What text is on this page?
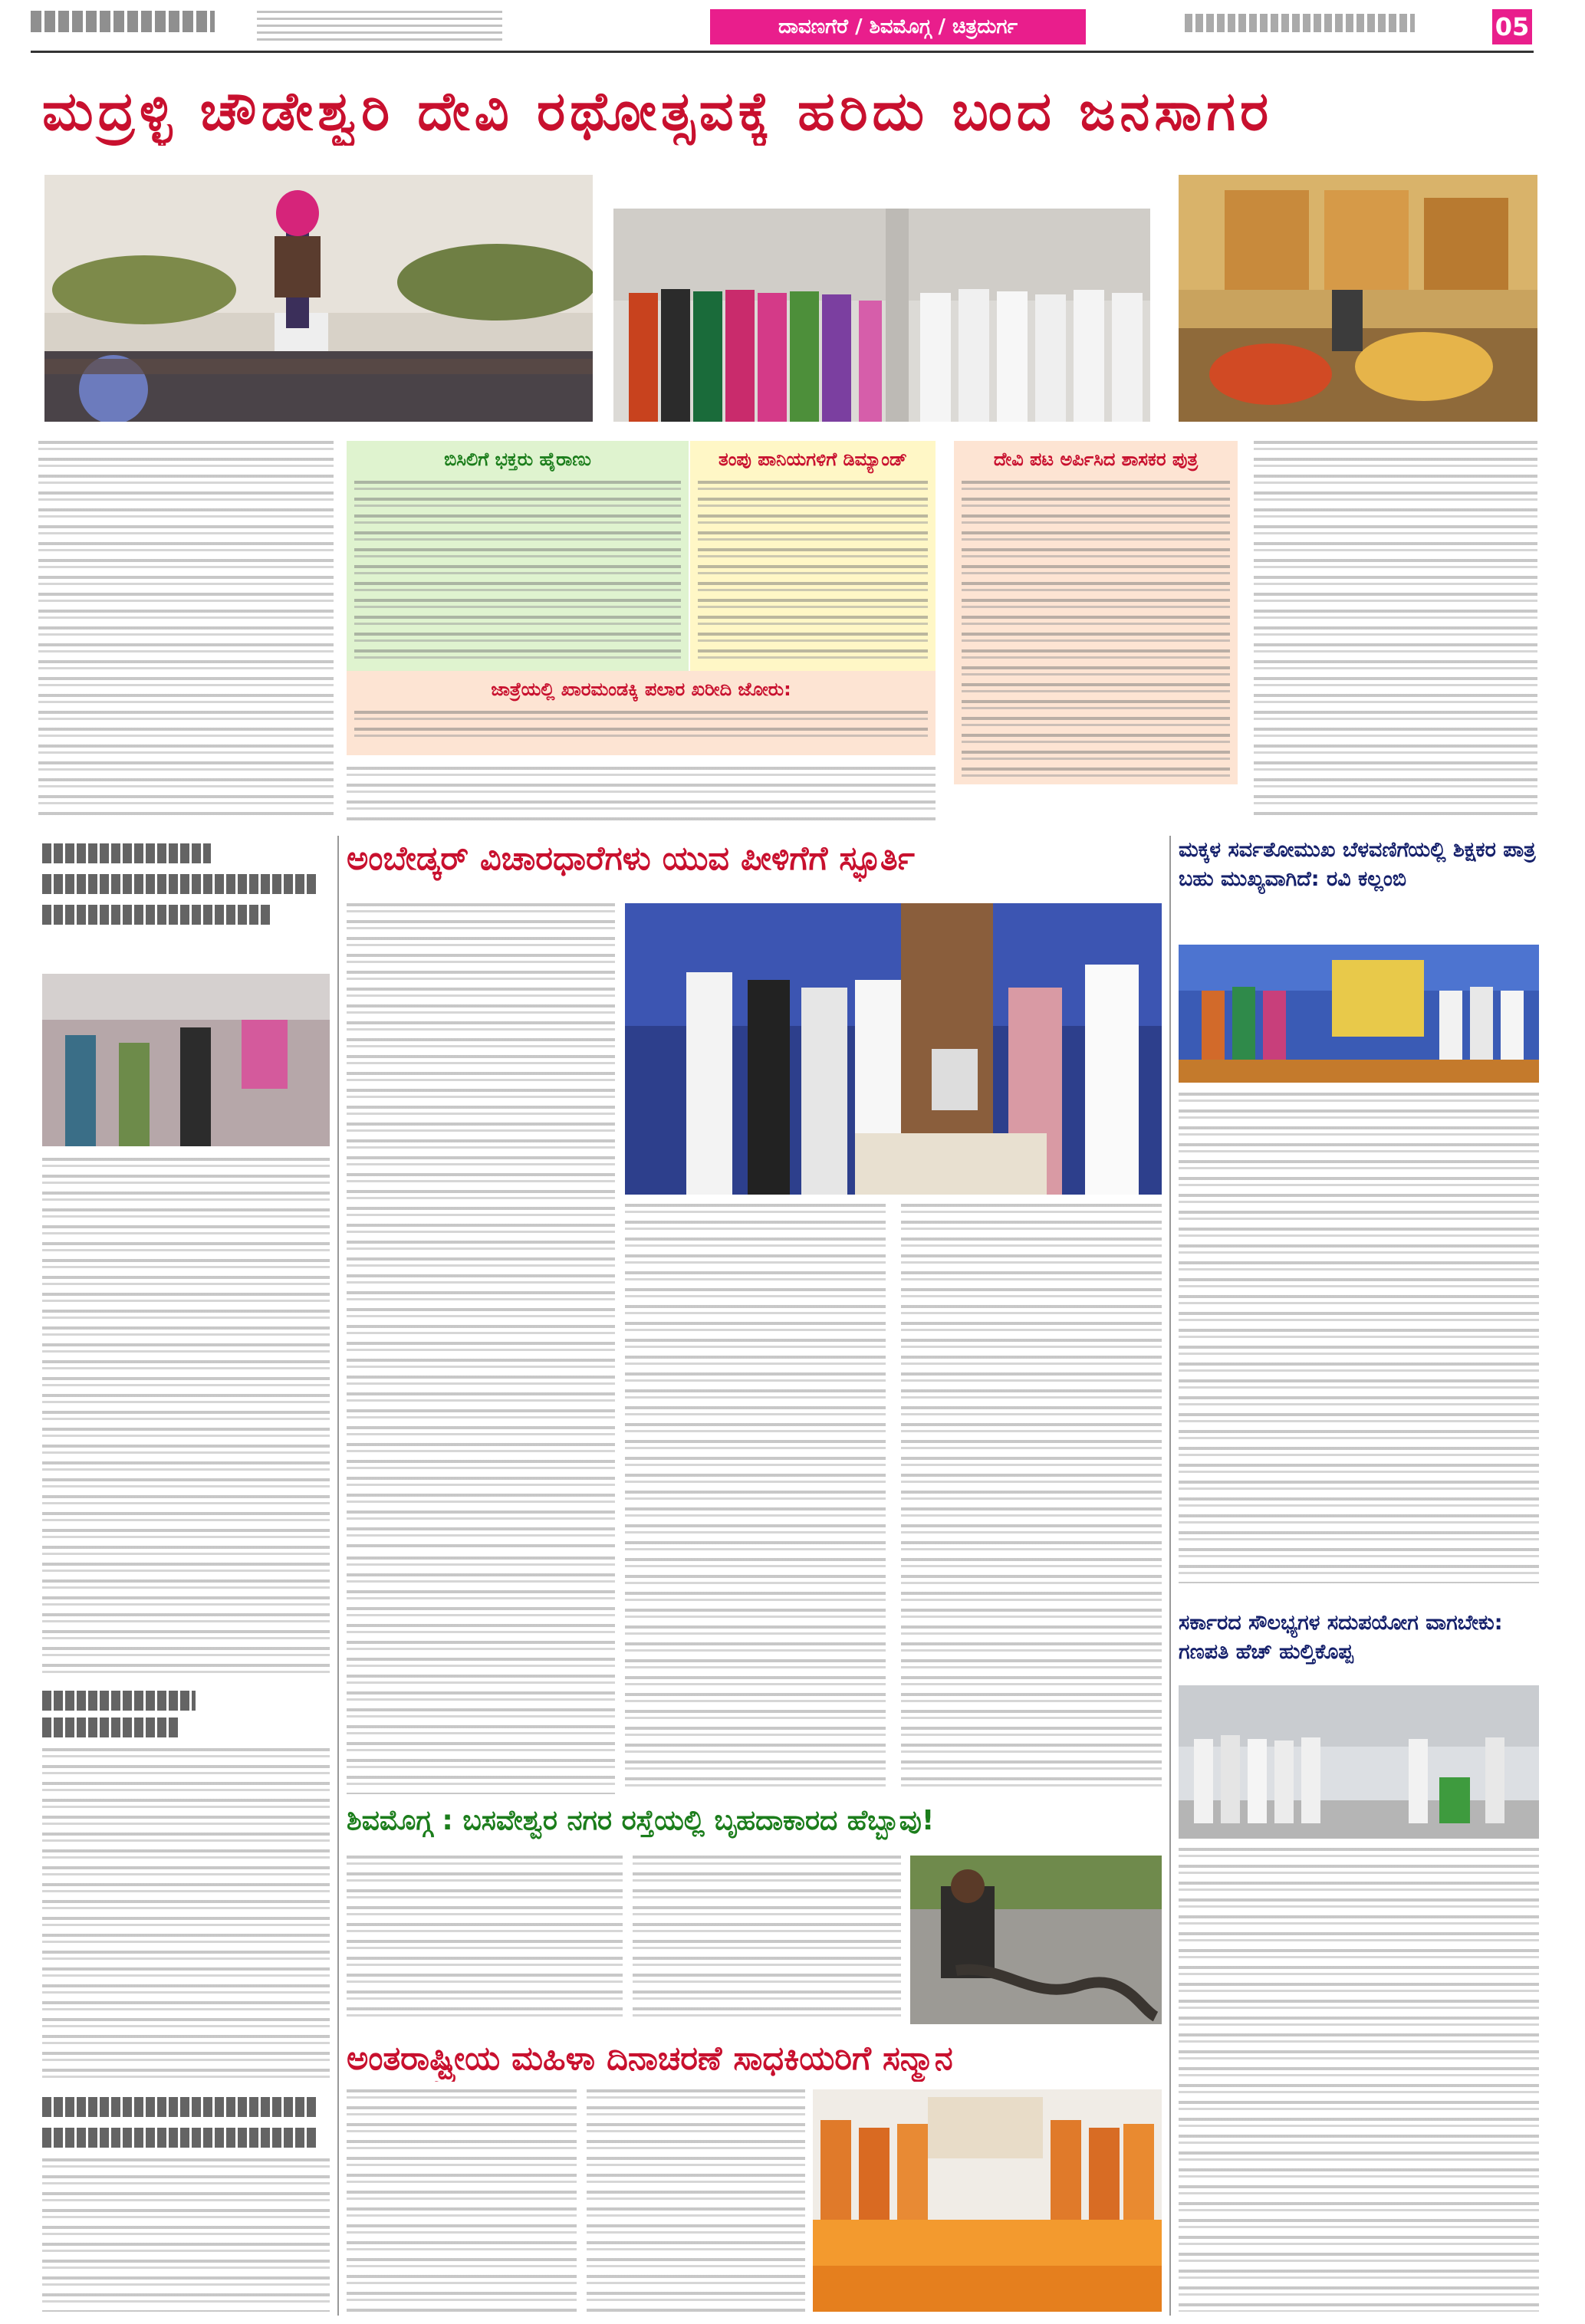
ದಾವಣಗೆರೆ / ಶಿವಮೊಗ್ಗ / ಚಿತ್ರದುರ್ಗ	05
ಮದ್ರಳ್ಳಿ ಚೌಡೇಶ್ವರಿ ದೇವಿ ರಥೋತ್ಸವಕ್ಕೆ ಹರಿದು ಬಂದ ಜನಸಾಗರ
ಬಿಸಿಲಿಗೆ ಭಕ್ತರು ಹೈರಾಣು	ತಂಪು ಪಾನಿಯಗಳಿಗೆ ಡಿಮ್ಯಾಂಡ್	ದೇವಿ ಪಟ ಅರ್ಪಿಸಿದ ಶಾಸಕರ ಪುತ್ರ
ಜಾತ್ರೆಯಲ್ಲಿ ಖಾರಮಂಡಕ್ಕಿ ಪಲಾರ ಖರೀದಿ ಜೋರು:
ಅಂಬೇಡ್ಕರ್ ವಿಚಾರಧಾರೆಗಳು ಯುವ ಪೀಳಿಗೆಗೆ ಸ್ಫೂರ್ತಿ	ಮಕ್ಕಳ ಸರ್ವತೋಮುಖ ಬೆಳವಣಿಗೆಯಲ್ಲಿ ಶಿಕ್ಷಕರ ಪಾತ್ರ ಬಹು ಮುಖ್ಯವಾಗಿದೆ: ರವಿ ಕಲ್ಲಂಬಿ
ಸರ್ಕಾರದ ಸೌಲಭ್ಯಗಳ ಸದುಪಯೋಗ ವಾಗಬೇಕು: ಗಣಪತಿ ಹೆಚ್ ಹುಲ್ತಿಕೊಪ್ಪ
ಶಿವಮೊಗ್ಗ : ಬಸವೇಶ್ವರ ನಗರ ರಸ್ತೆಯಲ್ಲಿ ಬೃಹದಾಕಾರದ ಹೆಬ್ಬಾವು!
ಅಂತರಾಷ್ಟ್ರೀಯ ಮಹಿಳಾ ದಿನಾಚರಣೆ ಸಾಧಕಿಯರಿಗೆ ಸನ್ಮಾನ
